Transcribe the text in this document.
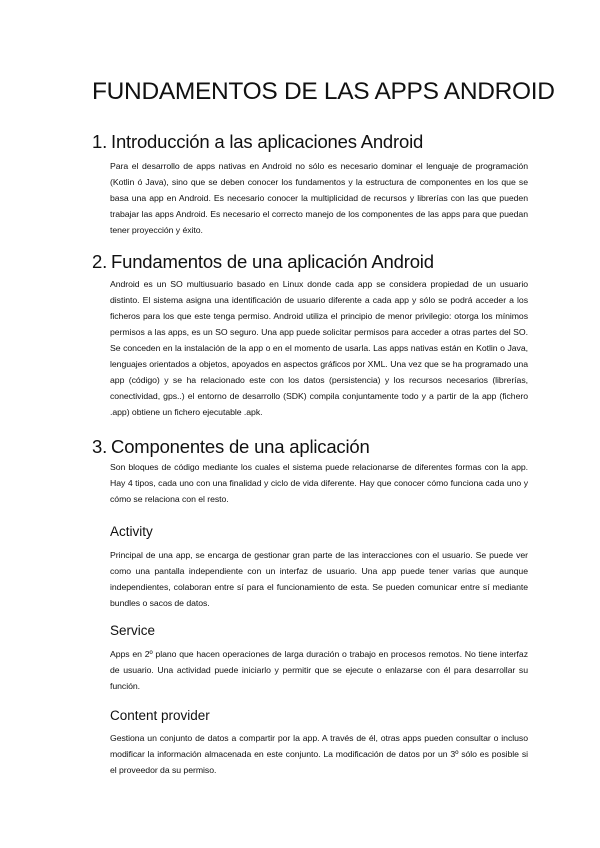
FUNDAMENTOS DE LAS APPS ANDROID
1. Introducción a las aplicaciones Android
Para el desarrollo de apps nativas en Android no sólo es necesario dominar el lenguaje de programación (Kotlin ó Java), sino que se deben conocer los fundamentos y la estructura de componentes en los que se basa una app en Android. Es necesario conocer la multiplicidad de recursos y librerías con las que pueden trabajar las apps Android. Es necesario el correcto manejo de los componentes de las apps para que puedan tener proyección y éxito.
2. Fundamentos de una aplicación Android
Android es un SO multiusuario basado en Linux donde cada app se considera propiedad de un usuario distinto. El sistema asigna una identificación de usuario diferente a cada app y sólo se podrá acceder a los ficheros para los que este tenga permiso. Android utiliza el principio de menor privilegio: otorga los mínimos permisos a las apps, es un SO seguro. Una app puede solicitar permisos para acceder a otras partes del SO. Se conceden en la instalación de la app o en el momento de usarla. Las apps nativas están en Kotlin o Java, lenguajes orientados a objetos, apoyados en aspectos gráficos por XML. Una vez que se ha programado una app (código) y se ha relacionado este con los datos (persistencia) y los recursos necesarios (librerías, conectividad, gps..) el entorno de desarrollo (SDK) compila conjuntamente todo y a partir de la app (fichero .app) obtiene un fichero ejecutable .apk.
3. Componentes de una aplicación
Son bloques de código mediante los cuales el sistema puede relacionarse de diferentes formas con la app. Hay 4 tipos, cada uno con una finalidad y ciclo de vida diferente. Hay que conocer cómo funciona cada uno y cómo se relaciona con el resto.
Activity
Principal de una app, se encarga de gestionar gran parte de las interacciones con el usuario. Se puede ver como una pantalla independiente con un interfaz de usuario. Una app puede tener varias que aunque independientes, colaboran entre sí para el funcionamiento de esta. Se pueden comunicar entre sí mediante bundles o sacos de datos.
Service
Apps en 2º plano que hacen operaciones de larga duración o trabajo en procesos remotos. No tiene interfaz de usuario. Una actividad puede iniciarlo y permitir que se ejecute o enlazarse con él para desarrollar su función.
Content provider
Gestiona un conjunto de datos a compartir por la app. A través de él, otras apps pueden consultar o incluso modificar la información almacenada en este conjunto. La modificación de datos por un 3º sólo es posible si el proveedor da su permiso.
